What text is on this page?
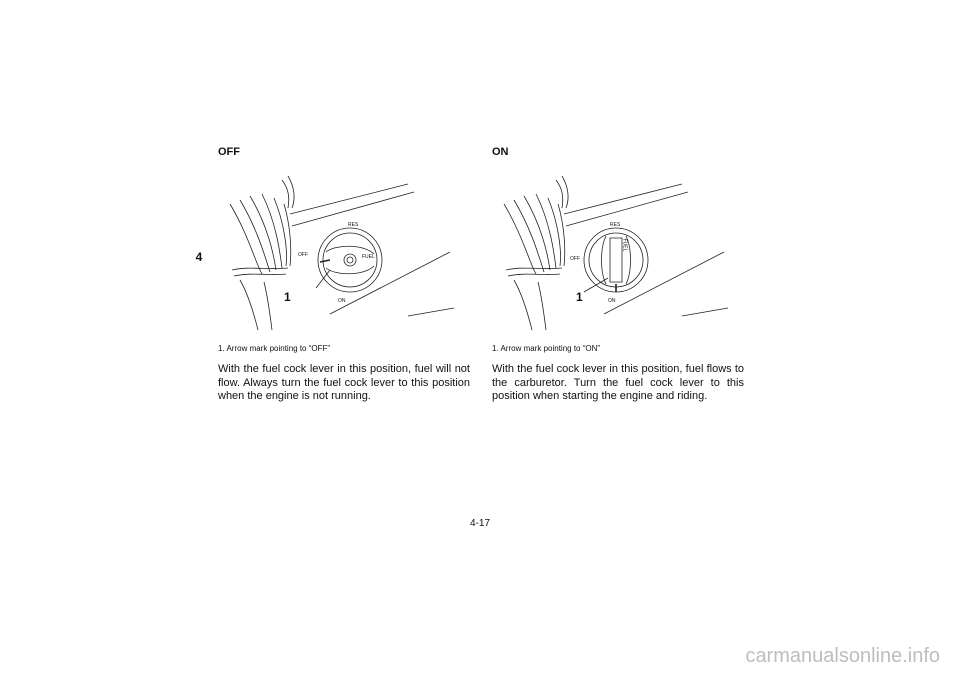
4
OFF
1
RES
OFF
ON
FUEL
1. Arrow mark pointing to “OFF”
With the fuel cock lever in this position, fuel will not flow. Always turn the fuel cock lever to this position when the engine is not running.
ON
1
RES
OFF
ON
FUEL
1. Arrow mark pointing to “ON”
With the fuel cock lever in this position, fuel flows to the carburetor. Turn the fuel cock lever to this position when starting the engine and riding.
4-17
carmanualsonline.info
